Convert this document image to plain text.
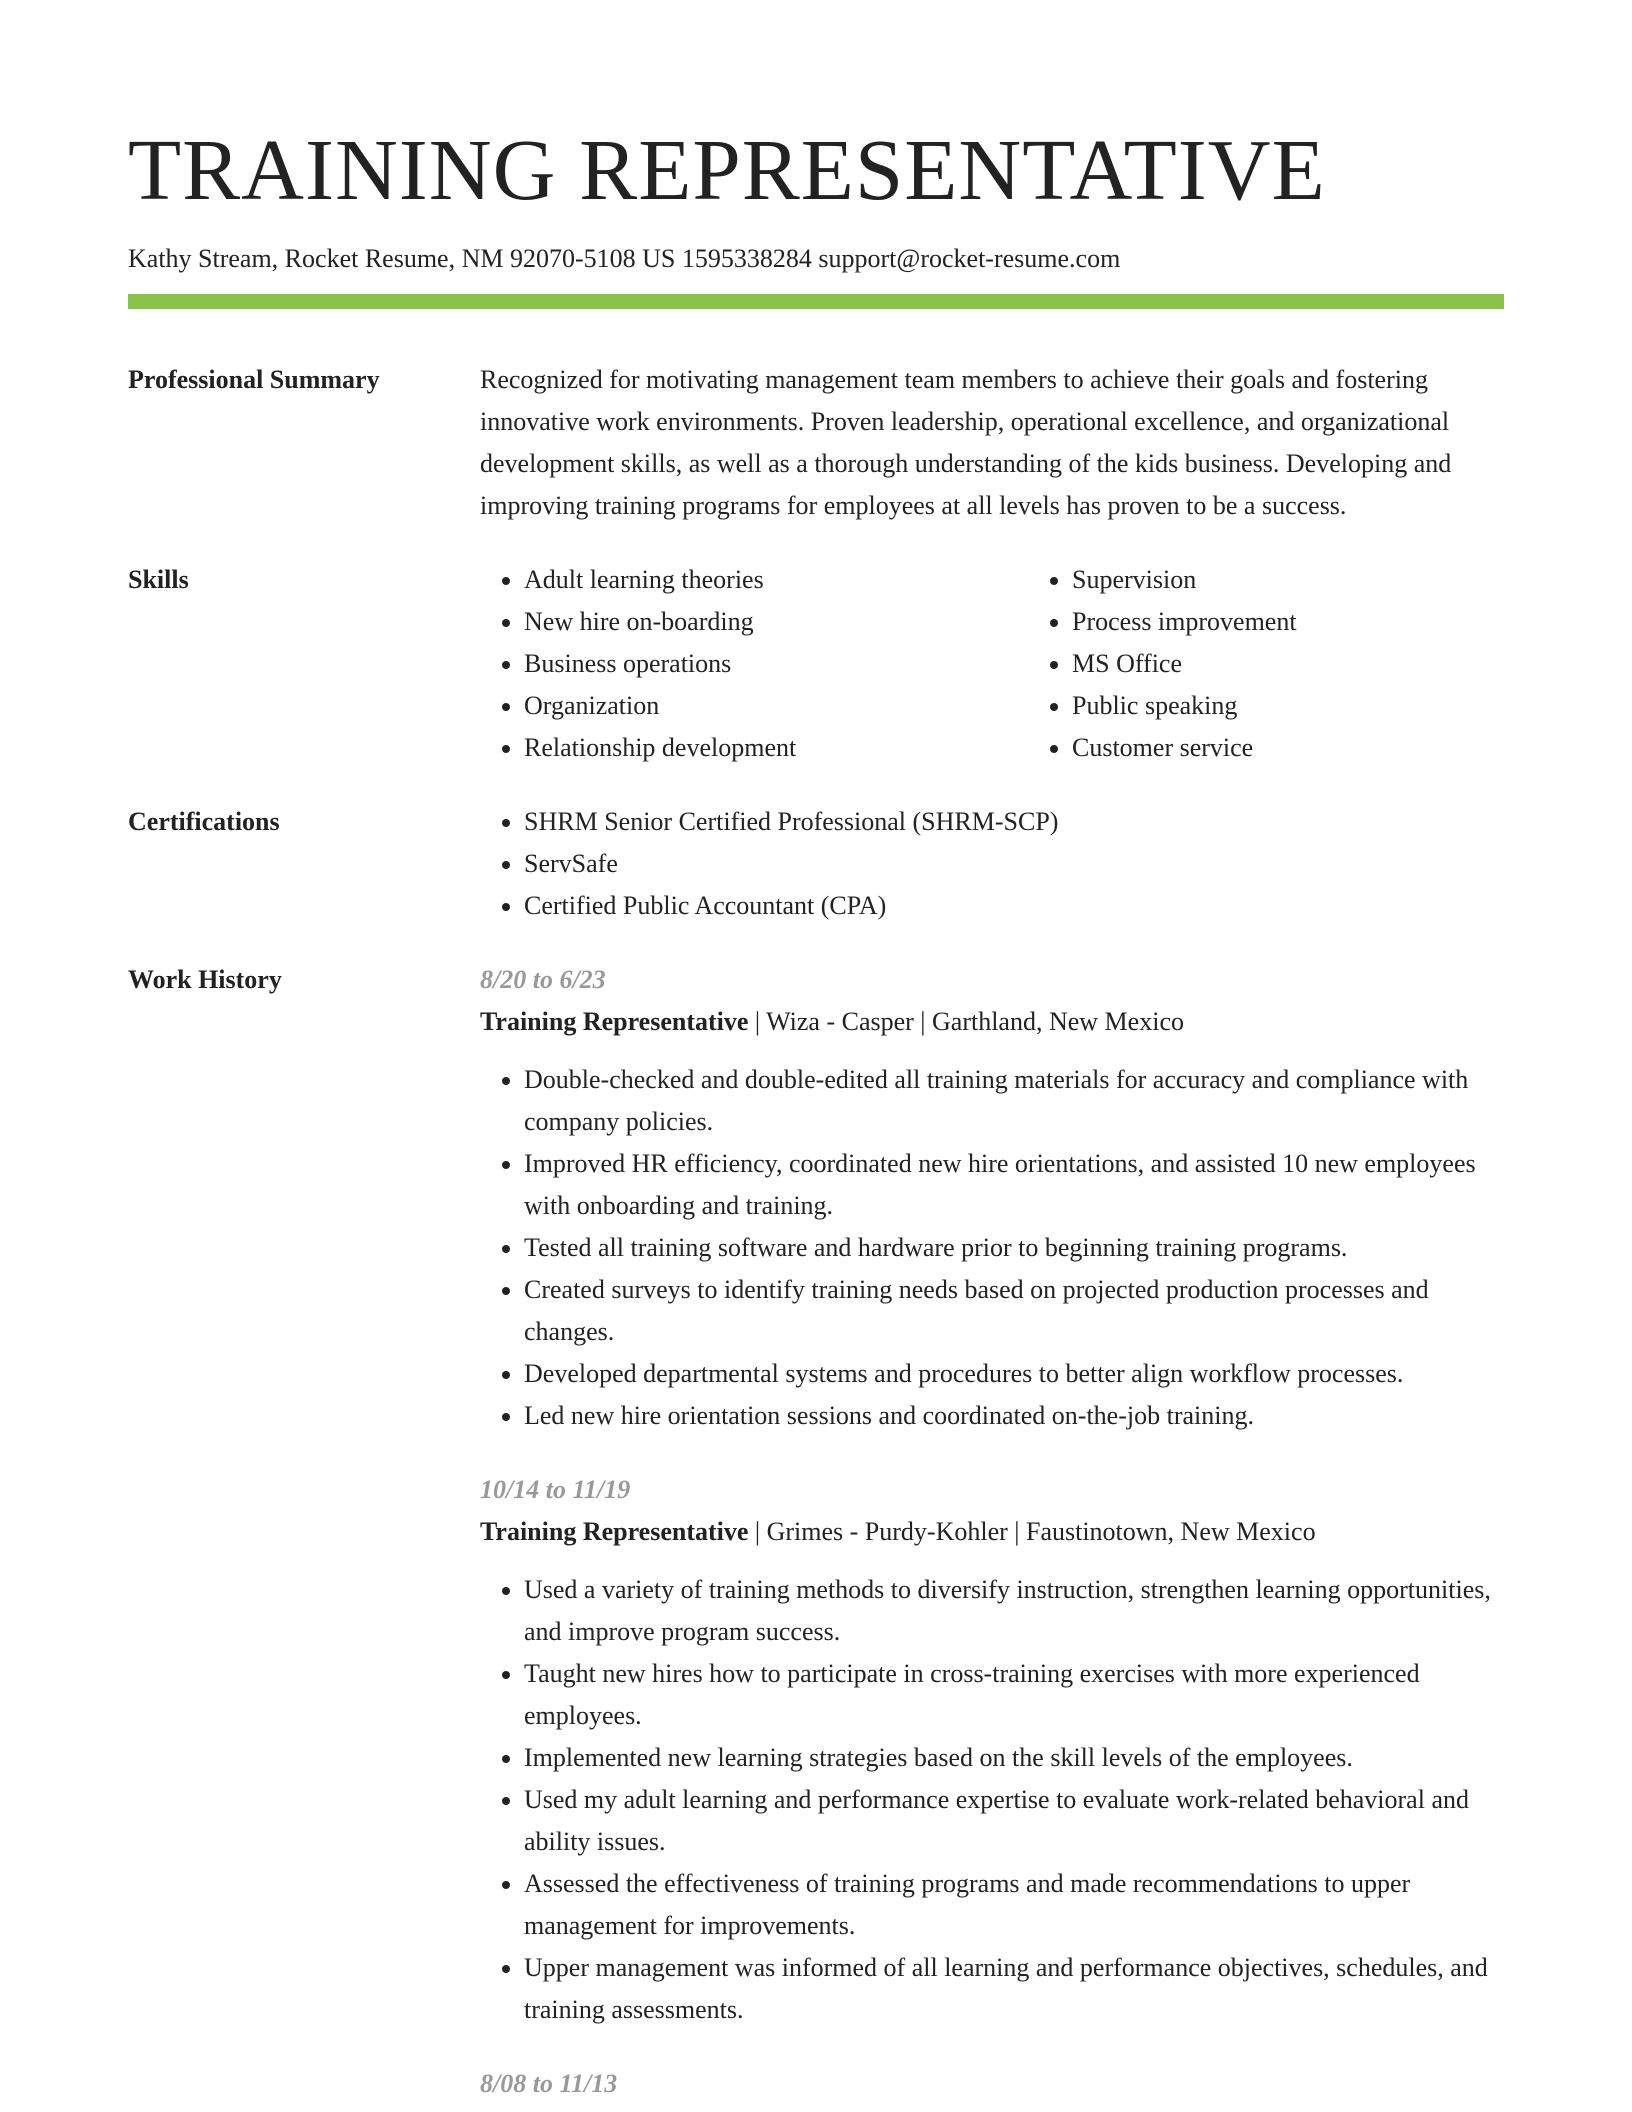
TRAINING REPRESENTATIVE
Kathy Stream, Rocket Resume, NM 92070-5108 US 1595338284 support@rocket-resume.com
Professional Summary	Recognized for motivating management team members to achieve their goals and fostering innovative work environments. Proven leadership, operational excellence, and organizational development skills, as well as a thorough understanding of the kids business. Developing and improving training programs for employees at all levels has proven to be a success.
Skills	• Adult learning theories
• New hire on-boarding
• Business operations
• Organization
• Relationship development
• Supervision
• Process improvement
• MS Office
• Public speaking
• Customer service
Certifications	• SHRM Senior Certified Professional (SHRM-SCP)
• ServSafe
• Certified Public Accountant (CPA)
Work History	8/20 to 6/23
Training Representative | Wiza - Casper | Garthland, New Mexico
• Double-checked and double-edited all training materials for accuracy and compliance with company policies.
• Improved HR efficiency, coordinated new hire orientations, and assisted 10 new employees with onboarding and training.
• Tested all training software and hardware prior to beginning training programs.
• Created surveys to identify training needs based on projected production processes and changes.
• Developed departmental systems and procedures to better align workflow processes.
• Led new hire orientation sessions and coordinated on-the-job training.
10/14 to 11/19
Training Representative | Grimes - Purdy-Kohler | Faustinotown, New Mexico
• Used a variety of training methods to diversify instruction, strengthen learning opportunities, and improve program success.
• Taught new hires how to participate in cross-training exercises with more experienced employees.
• Implemented new learning strategies based on the skill levels of the employees.
• Used my adult learning and performance expertise to evaluate work-related behavioral and ability issues.
• Assessed the effectiveness of training programs and made recommendations to upper management for improvements.
• Upper management was informed of all learning and performance objectives, schedules, and training assessments.
8/08 to 11/13
